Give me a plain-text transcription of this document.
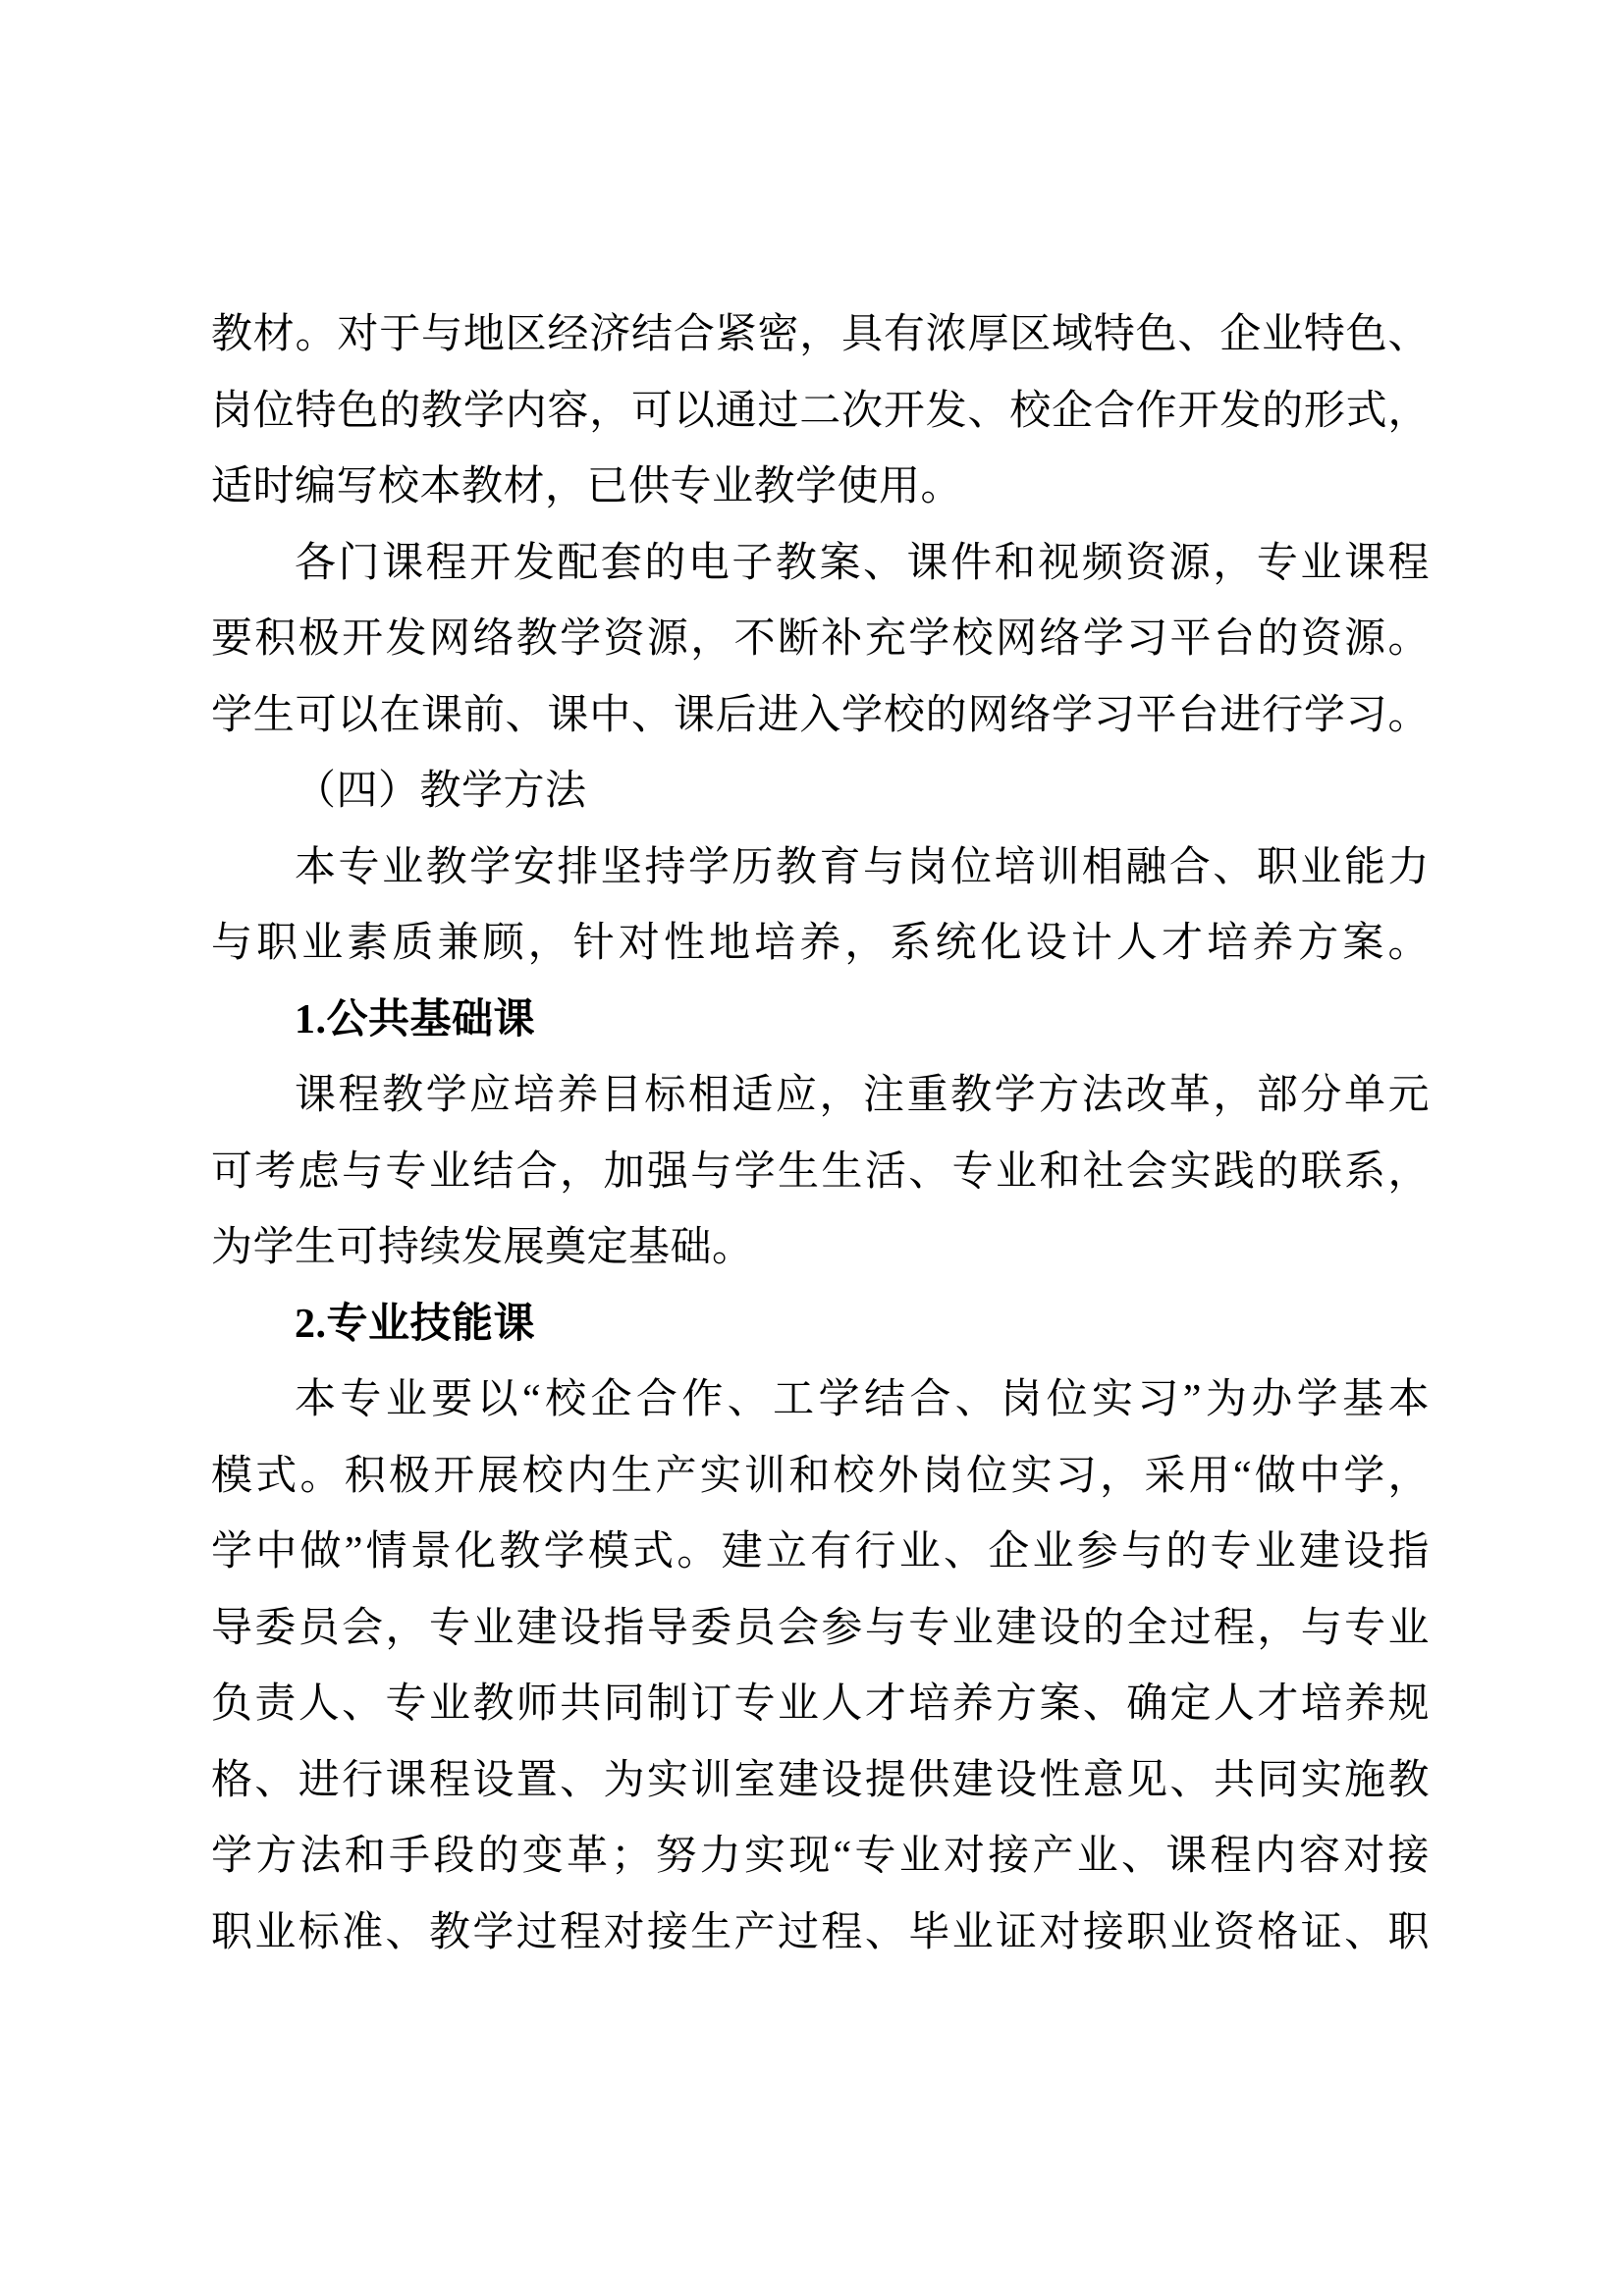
教材。对于与地区经济结合紧密，具有浓厚区域特色、企业特色、
岗位特色的教学内容，可以通过二次开发、校企合作开发的形式，
适时编写校本教材，已供专业教学使用。
各门课程开发配套的电子教案、课件和视频资源，专业课程
要积极开发网络教学资源，不断补充学校网络学习平台的资源。
学生可以在课前、课中、课后进入学校的网络学习平台进行学习。
（四）教学方法
本专业教学安排坚持学历教育与岗位培训相融合、职业能力
与职业素质兼顾，针对性地培养，系统化设计人才培养方案。
1.公共基础课
课程教学应培养目标相适应，注重教学方法改革，部分单元
可考虑与专业结合，加强与学生生活、专业和社会实践的联系，
为学生可持续发展奠定基础。
2.专业技能课
本专业要以“校企合作、工学结合、岗位实习”为办学基本
模式。积极开展校内生产实训和校外岗位实习，采用“做中学，
学中做”情景化教学模式。建立有行业、企业参与的专业建设指
导委员会，专业建设指导委员会参与专业建设的全过程，与专业
负责人、专业教师共同制订专业人才培养方案、确定人才培养规
格、进行课程设置、为实训室建设提供建设性意见、共同实施教
学方法和手段的变革；努力实现“专业对接产业、课程内容对接
职业标准、教学过程对接生产过程、毕业证对接职业资格证、职
